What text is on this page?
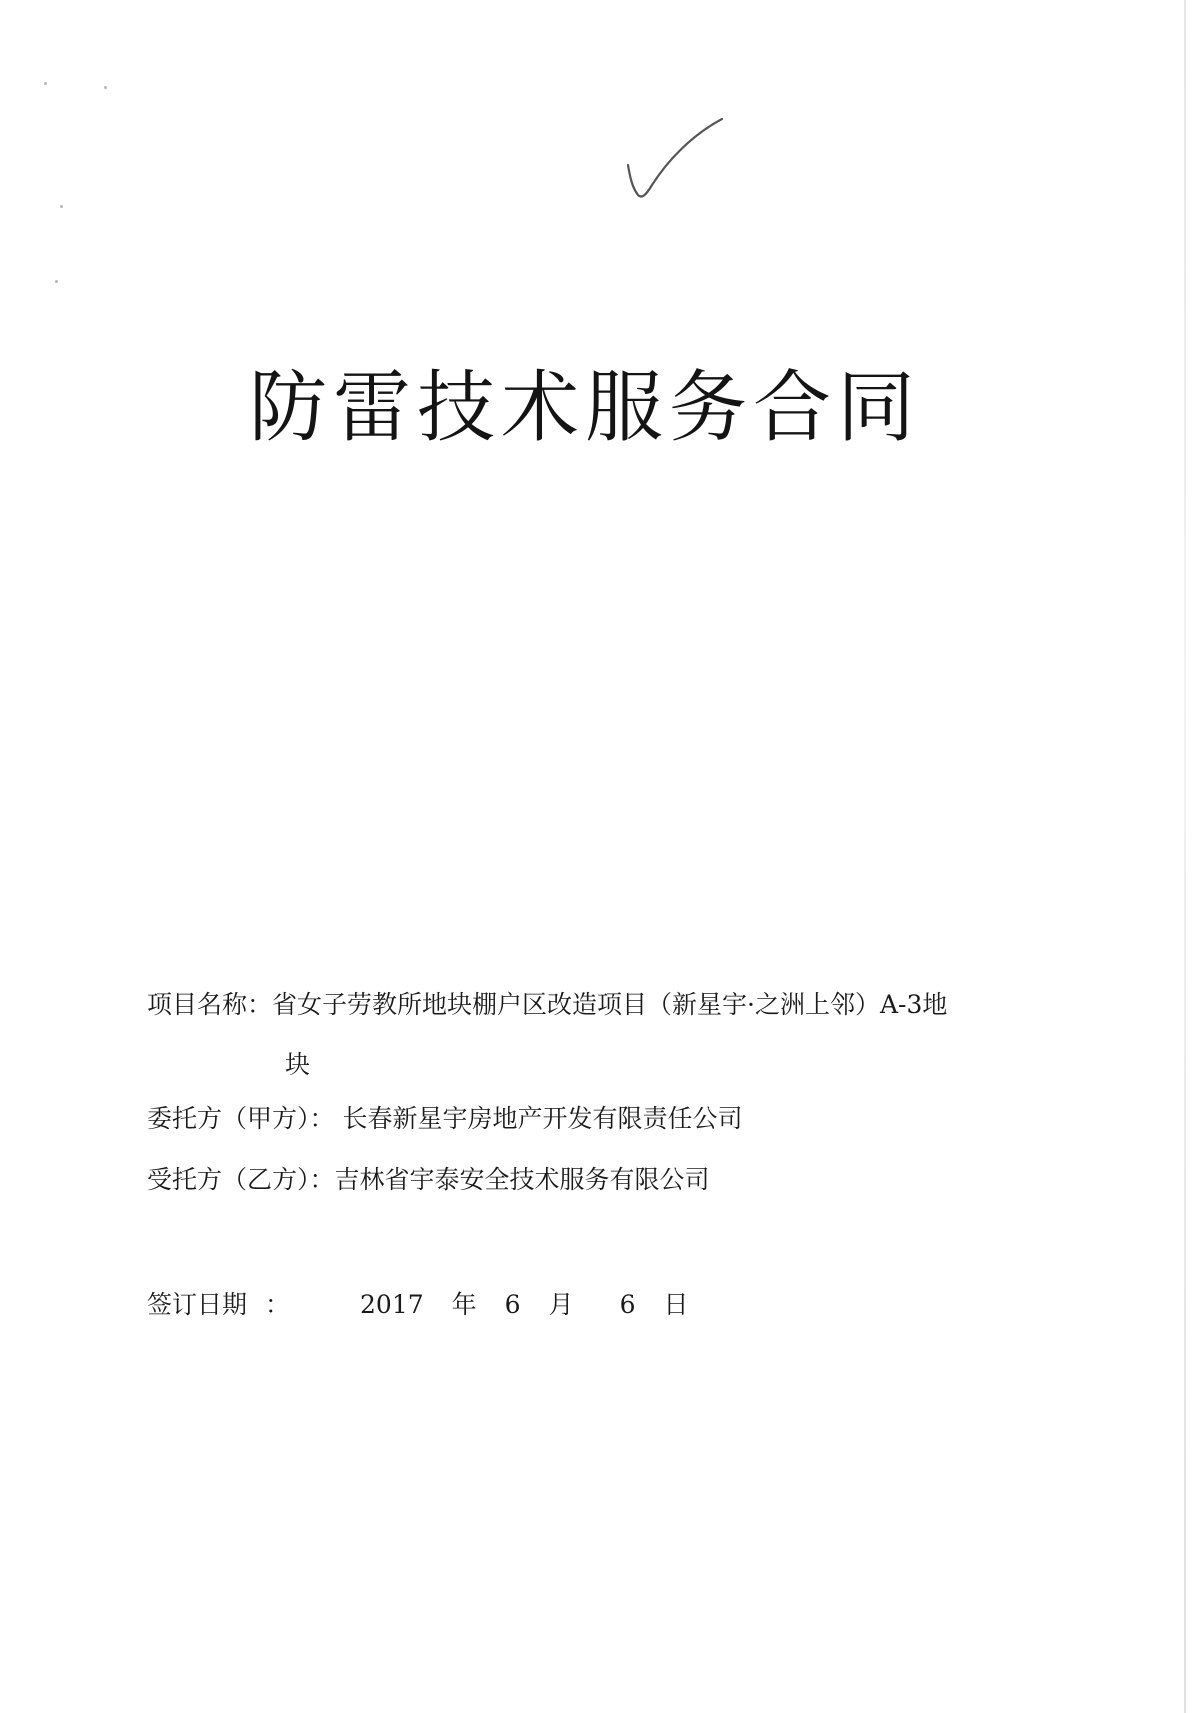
防雷技术服务合同
项目名称：省女子劳教所地块棚户区改造项目（新星宇·之洲上邻）A-3地
块
委托方（甲方）： 长春新星宇房地产开发有限责任公司
受托方（乙方）：吉林省宇泰安全技术服务有限公司
签订日期 ：	2017 年 6 月 6 日
